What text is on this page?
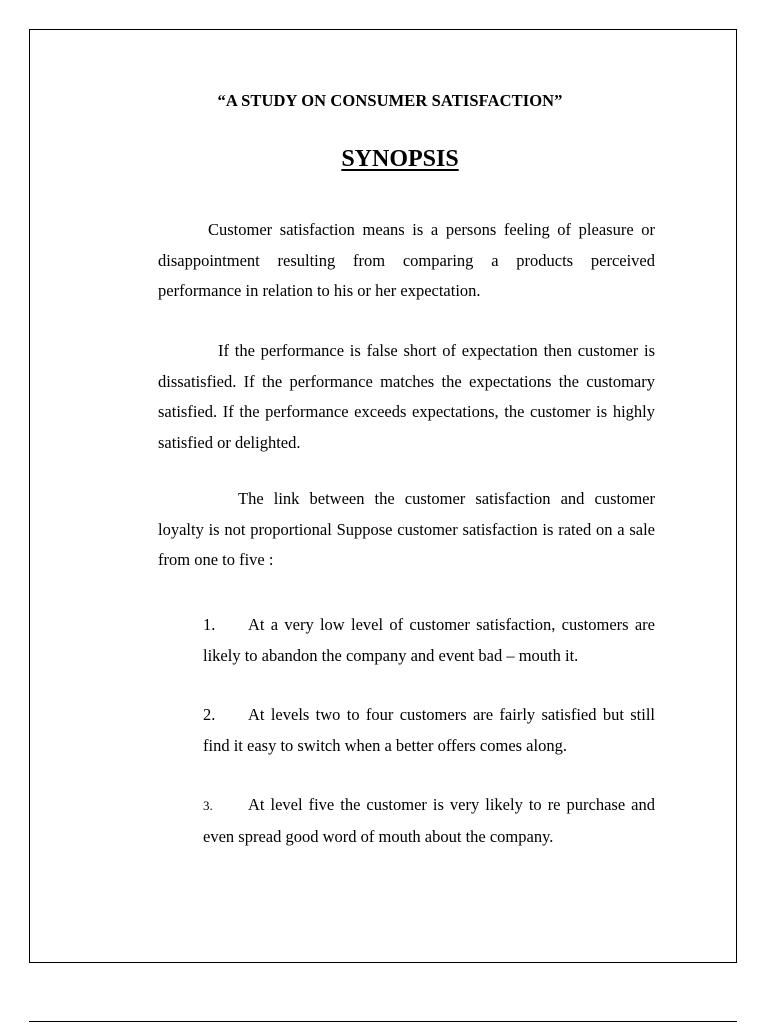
“A STUDY ON CONSUMER SATISFACTION”
SYNOPSIS

Customer satisfaction means is a persons feeling of pleasure or disappointment resulting from comparing a products perceived performance in relation to his or her expectation.

If the performance is false short of expectation then customer is dissatisfied. If the performance matches the expectations the customary satisfied. If the performance exceeds expectations, the customer is highly satisfied or delighted.

The link between the customer satisfaction and customer loyalty is not proportional Suppose customer satisfaction is rated on a sale from one to five :

1. At a very low level of customer satisfaction, customers are likely to abandon the company and event bad – mouth it.

2. At levels two to four customers are fairly satisfied but still find it easy to switch when a better offers comes along.

3. At level five the customer is very likely to re purchase and even spread good word of mouth about the company.
